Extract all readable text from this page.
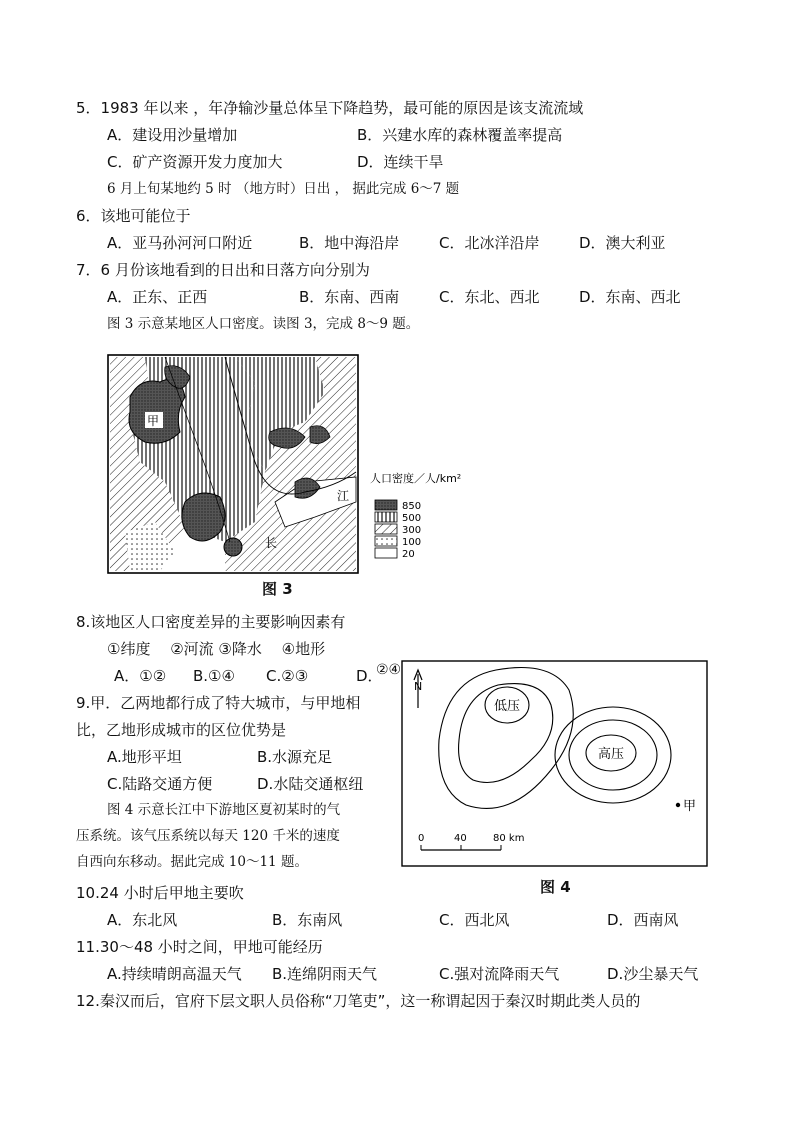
5．1983 年以来 ，年净输沙量总体呈下降趋势，最可能的原因是该支流流域
A．建设用沙量增加	B．兴建水库的森林覆盖率提高
C．矿产资源开发力度加大	D．连续干旱
6 月上旬某地约 5 时 （地方时）日出 ， 据此完成 6～7 题
6．该地可能位于
A．亚马孙河河口附近	B．地中海沿岸	C．北冰洋沿岸	D．澳大利亚
7．6 月份该地看到的日出和日落方向分别为
A．正东、正西	B．东南、西南	C．东北、西北	D．东南、西北
图 3 示意某地区人口密度。读图 3，完成 8～9 题。
甲
江
长
人口密度／人/km²
850
500
300
100
20
图 3
8.该地区人口密度差异的主要影响因素有
①纬度　 ②河流 ③降水　 ④地形
A．①② B.①④ C.②③	D．
②④
9.甲．乙两地都行成了特大城市，与甲地相
比，乙地形成城市的区位优势是
A.地形平坦	B.水源充足
C.陆路交通方便	D.水陆交通枢纽
图 4 示意长江中下游地区夏初某时的气
压系统。该气压系统以每天 120 千米的速度
自西向东移动。据此完成 10～11 题。
N
低压
高压
甲
0	40	80 km
图 4
10.24 小时后甲地主要吹
A．东北风	B．东南风	C．西北风	D．西南风
11.30～48 小时之间，甲地可能经历
A.持续晴朗高温天气 B.连绵阴雨天气	C.强对流降雨天气	D.沙尘暴天气
12.秦汉而后，官府下层文职人员俗称“刀笔吏”，这一称谓起因于秦汉时期此类人员的
